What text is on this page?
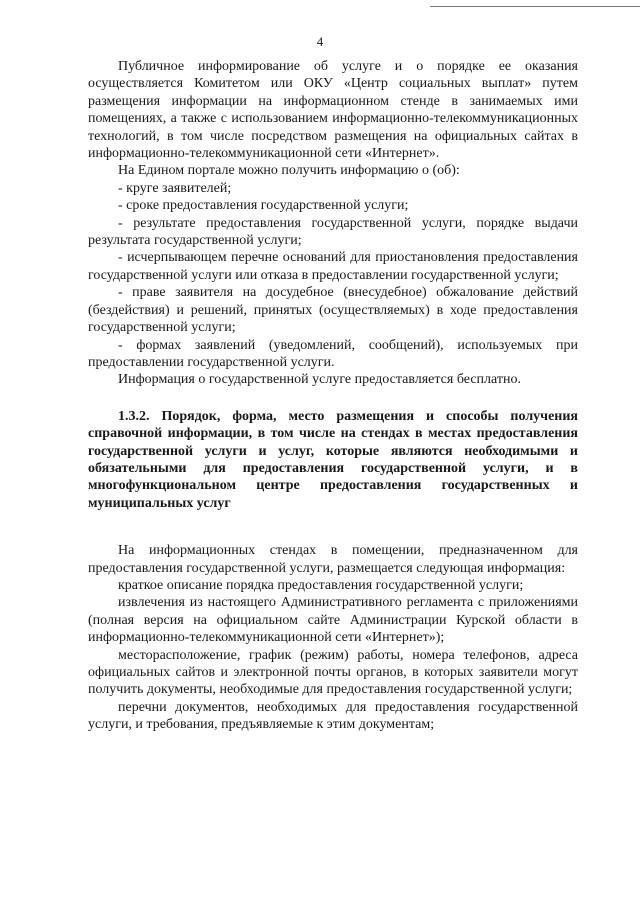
4

Публичное информирование об услуге и о порядке ее оказания осуществляется Комитетом или ОКУ «Центр социальных выплат» путем размещения информации на информационном стенде в занимаемых ими помещениях, а также с использованием информационно-телекоммуникационных технологий, в том числе посредством размещения на официальных сайтах в информационно-телекоммуникационной сети «Интернет».

На Едином портале можно получить информацию о (об):

- круге заявителей;

- сроке предоставления государственной услуги;

- результате предоставления государственной услуги, порядке выдачи результата государственной услуги;

- исчерпывающем перечне оснований для приостановления предоставления государственной услуги или отказа в предоставлении государственной услуги;

- праве заявителя на досудебное (внесудебное) обжалование действий (бездействия) и решений, принятых (осуществляемых) в ходе предоставления государственной услуги;

- формах заявлений (уведомлений, сообщений), используемых при предоставлении государственной услуги.

Информация о государственной услуге предоставляется бесплатно.

1.3.2. Порядок, форма, место размещения и способы получения справочной информации, в том числе на стендах в местах предоставления государственной услуги и услуг, которые являются необходимыми и обязательными для предоставления государственной услуги, и в многофункциональном центре предоставления государственных и муниципальных услуг

На информационных стендах в помещении, предназначенном для предоставления государственной услуги, размещается следующая информация:

краткое описание порядка предоставления государственной услуги;

извлечения из настоящего Административного регламента с приложениями (полная версия на официальном сайте Администрации Курской области в информационно-телекоммуникационной сети «Интернет»);

месторасположение, график (режим) работы, номера телефонов, адреса официальных сайтов и электронной почты органов, в которых заявители могут получить документы, необходимые для предоставления государственной услуги;

перечни документов, необходимых для предоставления государственной услуги, и требования, предъявляемые к этим документам;
